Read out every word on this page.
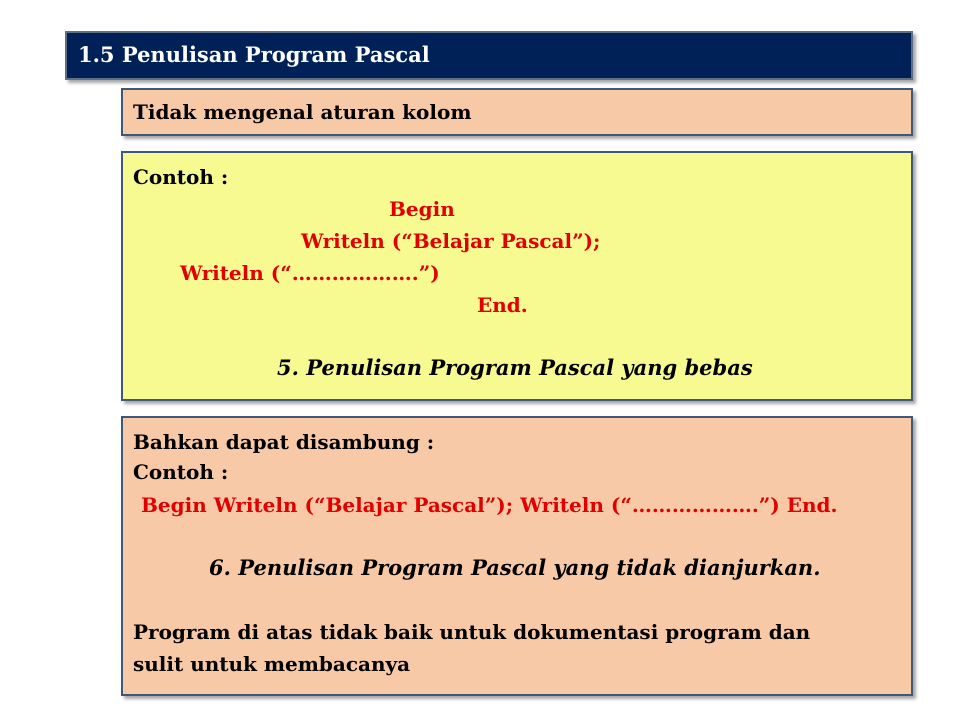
1.5 Penulisan Program Pascal
Tidak mengenal aturan kolom
Contoh :
Begin
Writeln (“Belajar Pascal”);
Writeln (“……………….”)
End.
5. Penulisan Program Pascal yang bebas
Bahkan dapat disambung :
Contoh :
Begin Writeln (“Belajar Pascal”); Writeln (“……………….”) End.
6. Penulisan Program Pascal yang tidak dianjurkan.
Program di atas tidak baik untuk dokumentasi program dan
sulit untuk membacanya
